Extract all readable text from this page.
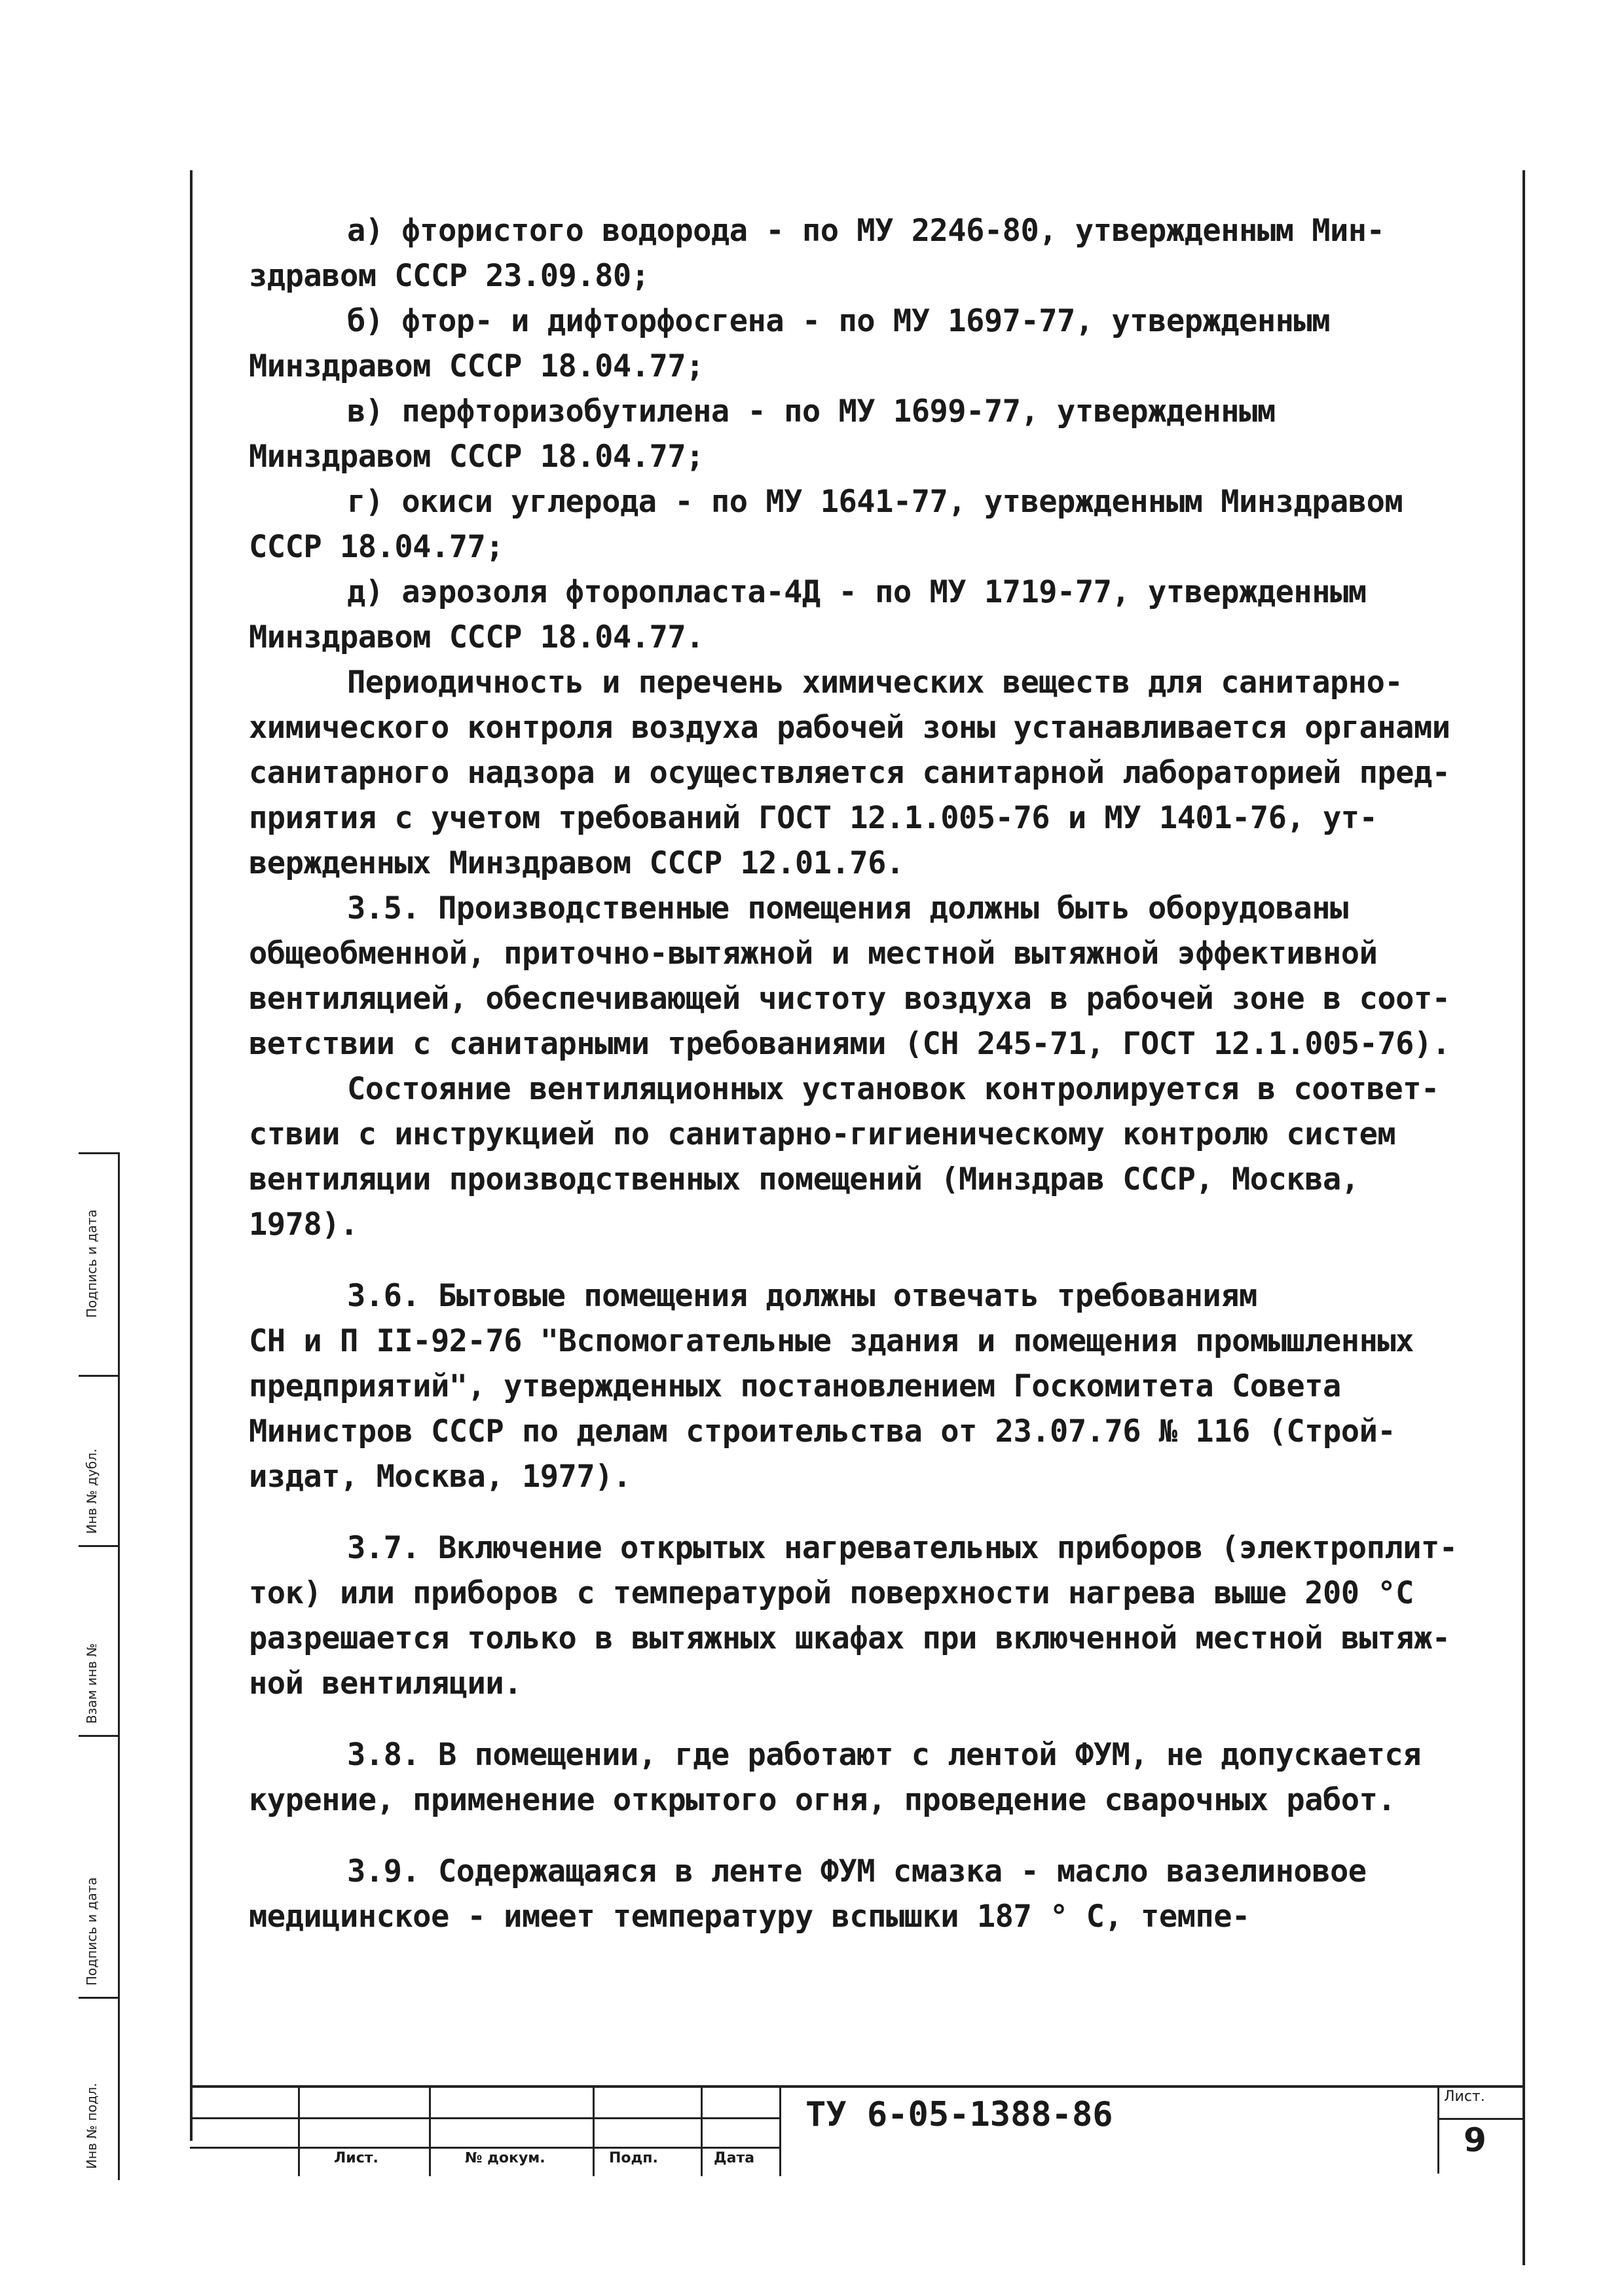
а) фтористого водорода - по МУ 2246-80, утвержденным Мин-
здравом СССР 23.09.80;
б) фтор- и дифторфосгена - по МУ 1697-77, утвержденным
Минздравом СССР 18.04.77;
в) перфторизобутилена - по МУ 1699-77, утвержденным
Минздравом СССР 18.04.77;
г) окиси углерода - по МУ 1641-77, утвержденным Минздравом
СССР 18.04.77;
д) аэрозоля фторопласта-4Д - по МУ 1719-77, утвержденным
Минздравом СССР 18.04.77.
Периодичность и перечень химических веществ для санитарно-
химического контроля воздуха рабочей зоны устанавливается органами
санитарного надзора и осуществляется санитарной лабораторией пред-
приятия с учетом требований ГОСТ 12.1.005-76 и МУ 1401-76, ут-
вержденных Минздравом СССР 12.01.76.
3.5. Производственные помещения должны быть оборудованы
общеобменной, приточно-вытяжной и местной вытяжной эффективной
вентиляцией, обеспечивающей чистоту воздуха в рабочей зоне в соот-
ветствии с санитарными требованиями (СН 245-71, ГОСТ 12.1.005-76).
Состояние вентиляционных установок контролируется в соответ-
ствии с инструкцией по санитарно-гигиеническому контролю систем
вентиляции производственных помещений (Минздрав СССР, Москва,
1978).
3.6. Бытовые помещения должны отвечать требованиям
СН и П II-92-76 "Вспомогательные здания и помещения промышленных
предприятий", утвержденных постановлением Госкомитета Совета
Министров СССР по делам строительства от 23.07.76 № 116 (Строй-
издат, Москва, 1977).
3.7. Включение открытых нагревательных приборов (электроплит-
ток) или приборов с температурой поверхности нагрева выше 200 °С
разрешается только в вытяжных шкафах при включенной местной вытяж-
ной вентиляции.
3.8. В помещении, где работают с лентой ФУМ, не допускается
курение, применение открытого огня, проведение сварочных работ.
3.9. Содержащаяся в ленте ФУМ смазка - масло вазелиновое
медицинское - имеет температуру вспышки 187 ° С, темпе-
Подпись и дата
Инв № дубл.
Взам инв №
Подпись и дата
Инв № подл.	Лист.	№ докум.	Подп.	Дата
ТУ 6-05-1388-86	Лист.
9
